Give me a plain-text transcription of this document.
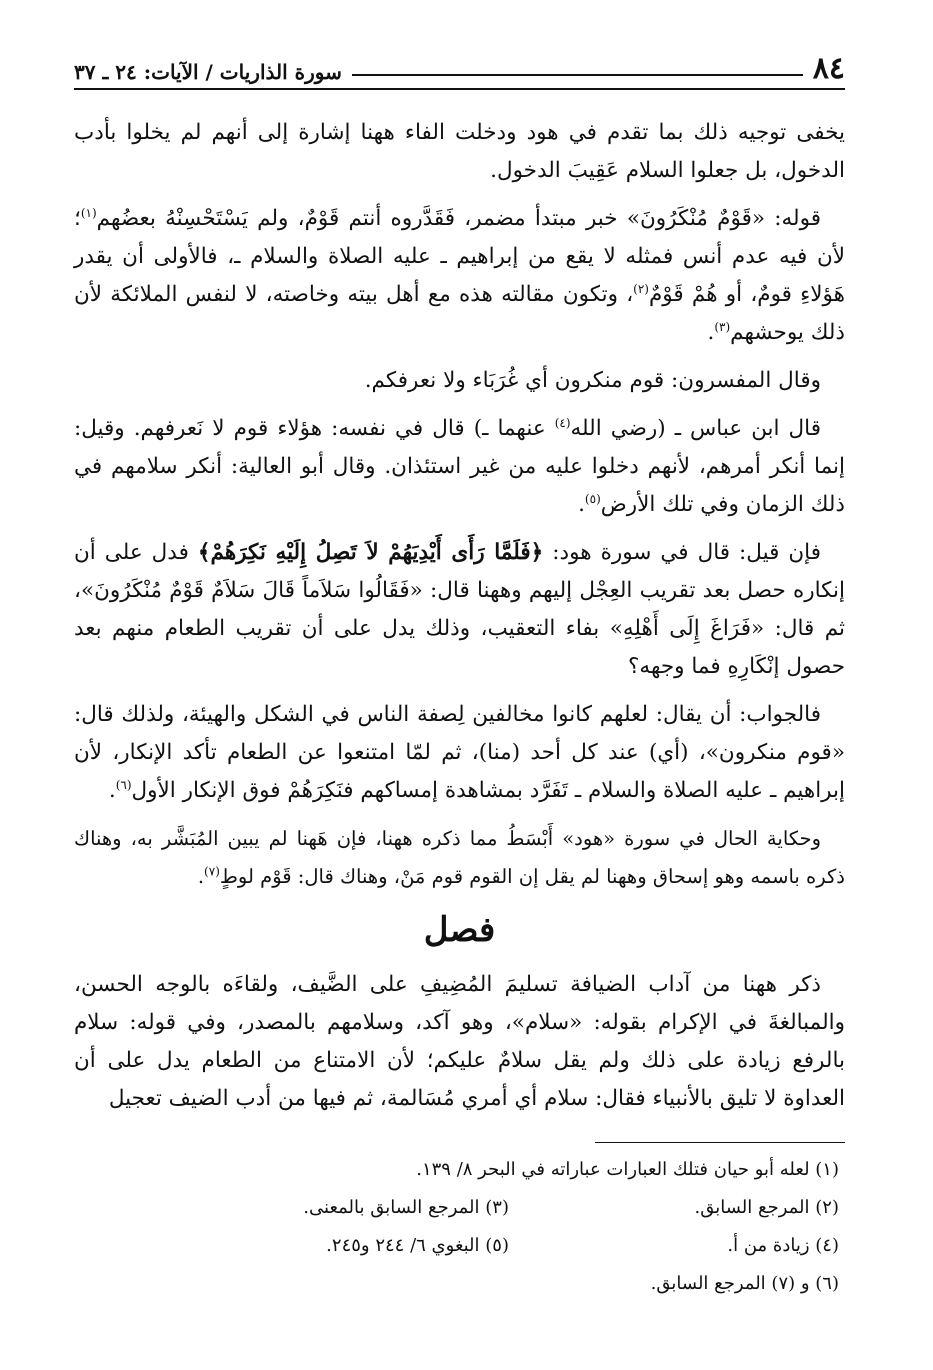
٨٤
سورة الذاريات / الآيات: ٢٤ ـ ٣٧

يخفى توجيه ذلك بما تقدم في هود ودخلت الفاء ههنا إشارة إلى أنهم لم يخلوا بأدب الدخول، بل جعلوا السلام عَقِيبَ الدخول.

قوله: «قَوْمٌ مُنْكَرُونَ» خبر مبتدأ مضمر، فَقَدَّروه أنتم قَوْمٌ، ولم يَسْتَحْسِنْهُ بعضُهم$^{(١)}$؛ لأن فيه عدم أنس فمثله لا يقع من إبراهيم ـ عليه الصلاة والسلام ـ، فالأولى أن يقدر هَؤلاءِ قومٌ، أو هُمْ قَوْمٌ$^{(٢)}$، وتكون مقالته هذه مع أهل بيته وخاصته، لا لنفس الملائكة لأن ذلك يوحشهم$^{(٣)}$.

وقال المفسرون: قوم منكرون أي غُرَبَاء ولا نعرفكم.

قال ابن عباس ـ (رضي الله$^{(٤)}$ عنهما ـ) قال في نفسه: هؤلاء قوم لا نَعرفهم. وقيل: إنما أنكر أمرهم، لأنهم دخلوا عليه من غير استئذان. وقال أبو العالية: أنكر سلامهم في ذلك الزمان وفي تلك الأرض$^{(٥)}$.

فإن قيل: قال في سورة هود: ﴿فَلَمَّا رَأَى أَيْدِيَهُمْ لاَ تَصِلُ إِلَيْهِ نَكِرَهُمْ﴾ فدل على أن إنكاره حصل بعد تقريب العِجْل إليهم وههنا قال: «فَقَالُوا سَلاَماً قَالَ سَلاَمٌ قَوْمٌ مُنْكَرُونَ»، ثم قال: «فَرَاغَ إِلَى أَهْلِهِ» بفاء التعقيب، وذلك يدل على أن تقريب الطعام منهم بعد حصول إنْكَارِهِ فما وجهه؟

فالجواب: أن يقال: لعلهم كانوا مخالفين لِصفة الناس في الشكل والهيئة، ولذلك قال: «قوم منكرون»، (أي) عند كل أحد (منا)، ثم لمّا امتنعوا عن الطعام تأكد الإنكار، لأن إبراهيم ـ عليه الصلاة والسلام ـ تَفَرَّد بمشاهدة إمساكهم فنَكِرَهُمْ فوق الإنكار الأول$^{(٦)}$.

وحكاية الحال في سورة «هود» أَبْسَطُ مما ذكره ههنا، فإن هَهنا لم يبين المُبَشَّر به، وهناك ذكره باسمه وهو إسحاق وههنا لم يقل إن القوم قوم مَنْ، وهناك قال: قَوْم لوطٍ$^{(٧)}$.

فصل

ذكر ههنا من آداب الضيافة تسليمَ المُضِيفِ على الضَّيف، ولقاءَه بالوجه الحسن، والمبالغةَ في الإكرام بقوله: «سلام»، وهو آكد، وسلامهم بالمصدر، وفي قوله: سلام بالرفع زيادة على ذلك ولم يقل سلامٌ عليكم؛ لأن الامتناع من الطعام يدل على أن العداوة لا تليق بالأنبياء فقال: سلام أي أمري مُسَالمة، ثم فيها من أدب الضيف تعجيل

(١) لعله أبو حيان فتلك العبارات عباراته في البحر ٨/ ١٣٩.
(٢) المرجع السابق.
(٣) المرجع السابق بالمعنى.
(٤) زيادة من أ.
(٥) البغوي ٦/ ٢٤٤ و٢٤٥.
(٦) و (٧) المرجع السابق.
